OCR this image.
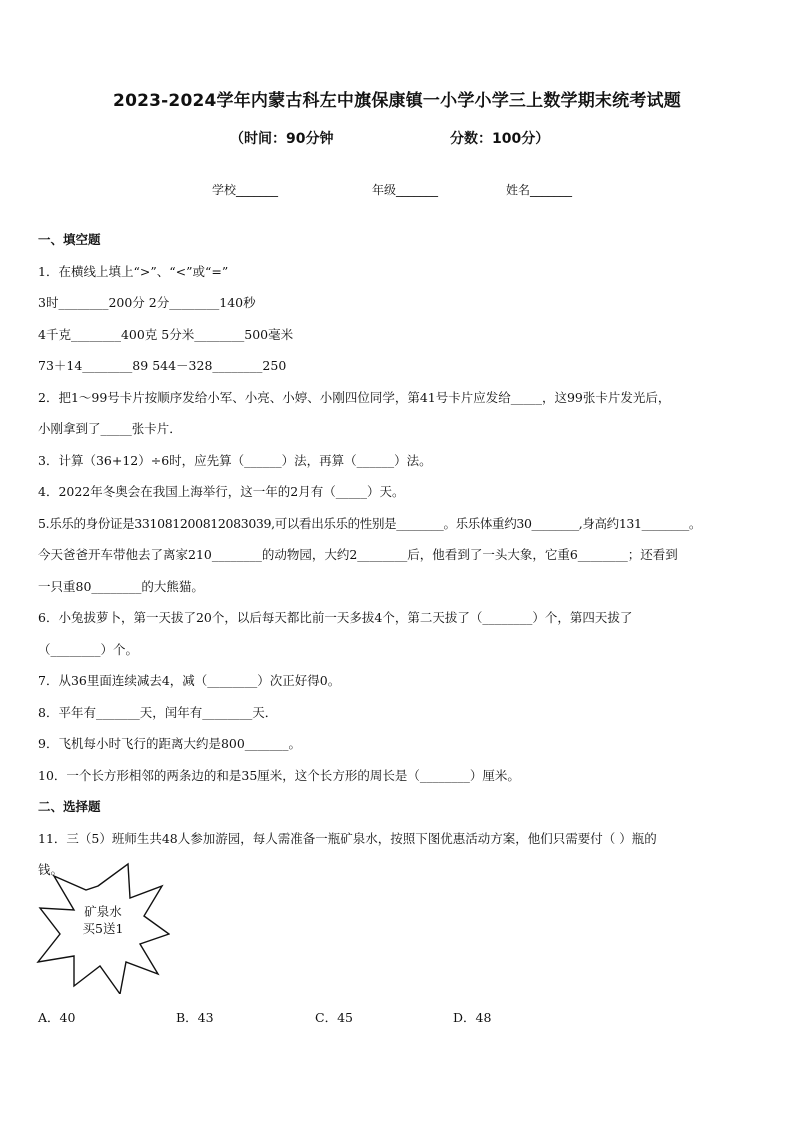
2023-2024学年内蒙古科左中旗保康镇一小学小学三上数学期末统考试题
（时间：90分钟	分数：100分）
学校_______	年级_______	姓名_______
一、填空题
1．在横线上填上“>”、“<”或“=”
3时________200分 2分________140秒
4千克________400克 5分米________500毫米
73＋14________89 544－328________250
2．把1～99号卡片按顺序发给小军、小亮、小婷、小刚四位同学，第41号卡片应发给_____，这99张卡片发光后，
小刚拿到了_____张卡片．
3．计算（36+12）÷6时，应先算（______）法，再算（______）法。
4．2022年冬奥会在我国上海举行，这一年的2月有（_____）天。
5.乐乐的身份证是331081200812083039,可以看出乐乐的性别是________。乐乐体重约30________,身高约131________。
今天爸爸开车带他去了离家210________的动物园，大约2________后，他看到了一头大象，它重6________；还看到
一只重80________的大熊猫。
6．小兔拔萝卜，第一天拔了20个，以后每天都比前一天多拔4个，第二天拔了（________）个，第四天拔了
（________）个。
7．从36里面连续减去4，减（________）次正好得0。
8．平年有_______天，闰年有________天．
9．飞机每小时飞行的距离大约是800_______。
10．一个长方形相邻的两条边的和是35厘米，这个长方形的周长是（________）厘米。
二、选择题
11．三（5）班师生共48人参加游园，每人需准备一瓶矿泉水，按照下图优惠活动方案，他们只需要付（ ）瓶的
钱。
矿泉水
买5送1
A．40	B．43	C．45	D．48
